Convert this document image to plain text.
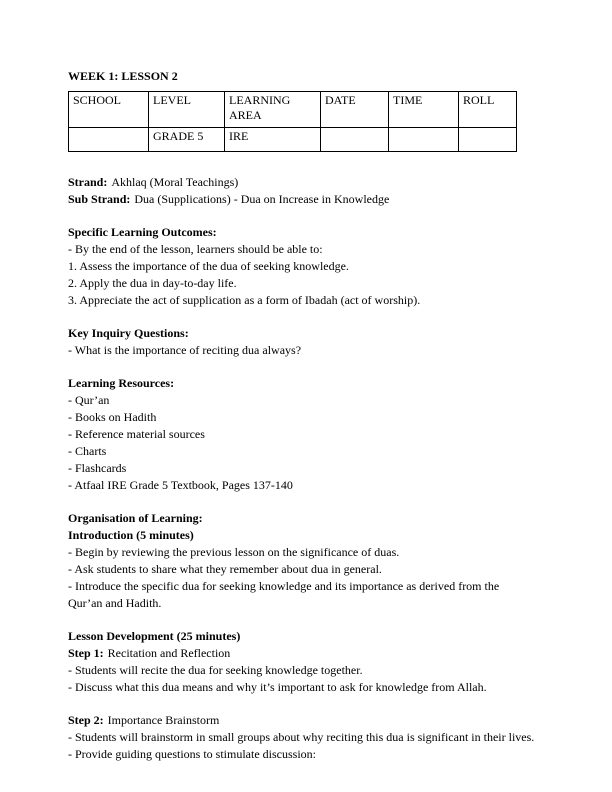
WEEK 1: LESSON 2
SCHOOL	LEVEL	LEARNING AREA	DATE	TIME	ROLL
	GRADE 5	IRE			

Strand: Akhlaq (Moral Teachings)

Sub Strand: Dua (Supplications) - Dua on Increase in Knowledge

Specific Learning Outcomes:

- By the end of the lesson, learners should be able to:

1. Assess the importance of the dua of seeking knowledge.

2. Apply the dua in day-to-day life.

3. Appreciate the act of supplication as a form of Ibadah (act of worship).

Key Inquiry Questions:

- What is the importance of reciting dua always?

Learning Resources:

- Qur’an

- Books on Hadith

- Reference material sources

- Charts

- Flashcards

- Atfaal IRE Grade 5 Textbook, Pages 137-140

Organisation of Learning:

Introduction (5 minutes)

- Begin by reviewing the previous lesson on the significance of duas.

- Ask students to share what they remember about dua in general.

- Introduce the specific dua for seeking knowledge and its importance as derived from the Qur’an and Hadith.

Lesson Development (25 minutes)

Step 1: Recitation and Reflection

- Students will recite the dua for seeking knowledge together.

- Discuss what this dua means and why it’s important to ask for knowledge from Allah.

Step 2: Importance Brainstorm

- Students will brainstorm in small groups about why reciting this dua is significant in their lives.

- Provide guiding questions to stimulate discussion:
